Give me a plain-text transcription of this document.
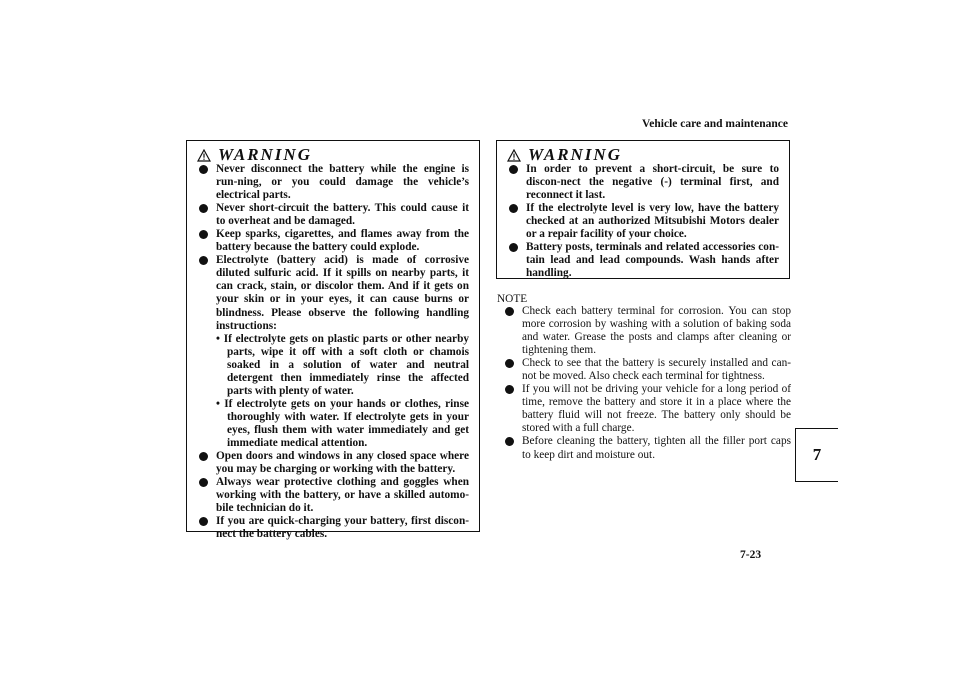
Vehicle care and maintenance
7
7-23
WARNING
Never disconnect the battery while the engine is run-ning, or you could damage the vehicle’s electrical parts.
Never short-circuit the battery. This could cause it to overheat and be damaged.
Keep sparks, cigarettes, and flames away from the battery because the battery could explode.
Electrolyte (battery acid) is made of corrosive diluted sulfuric acid. If it spills on nearby parts, it can crack, stain, or discolor them. And if it gets on your skin or in your eyes, it can cause burns or blindness. Please observe the following handling instructions:
• If electrolyte gets on plastic parts or other nearby parts, wipe it off with a soft cloth or chamois soaked in a solution of water and neutral detergent then immediately rinse the affected parts with plenty of water.
• If electrolyte gets on your hands or clothes, rinse thoroughly with water. If electrolyte gets in your eyes, flush them with water immediately and get immediate medical attention.
Open doors and windows in any closed space where you may be charging or working with the battery.
Always wear protective clothing and goggles when working with the battery, or have a skilled automo-bile technician do it.
If you are quick-charging your battery, first discon-nect the battery cables.
WARNING
In order to prevent a short-circuit, be sure to discon-nect the negative (-) terminal first, and reconnect it last.
If the electrolyte level is very low, have the battery checked at an authorized Mitsubishi Motors dealer or a repair facility of your choice.
Battery posts, terminals and related accessories con-tain lead and lead compounds. Wash hands after handling.
NOTE
Check each battery terminal for corrosion. You can stop more corrosion by washing with a solution of baking soda and water. Grease the posts and clamps after cleaning or tightening them.
Check to see that the battery is securely installed and can-not be moved. Also check each terminal for tightness.
If you will not be driving your vehicle for a long period of time, remove the battery and store it in a place where the battery fluid will not freeze. The battery only should be stored with a full charge.
Before cleaning the battery, tighten all the filler port caps to keep dirt and moisture out.
